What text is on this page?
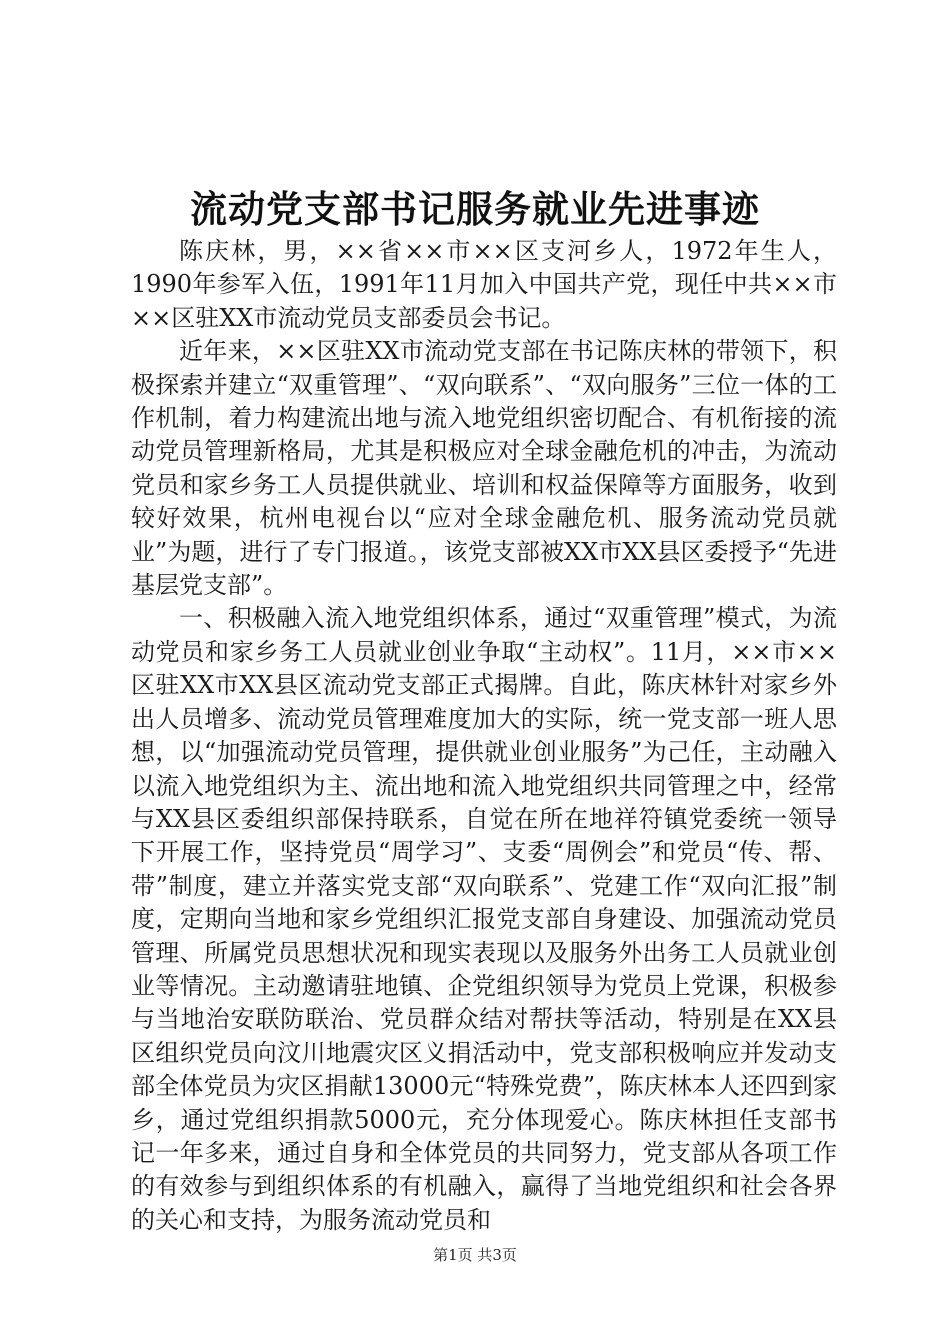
流动党支部书记服务就业先进事迹

陈庆林，男，××省××市××区支河乡人，1972年生人，1990年参军入伍，1991年11月加入中国共产党，现任中共××市××区驻XX市流动党员支部委员会书记。

近年来，××区驻XX市流动党支部在书记陈庆林的带领下，积极探索并建立“双重管理”、“双向联系”、“双向服务”三位一体的工作机制，着力构建流出地与流入地党组织密切配合、有机衔接的流动党员管理新格局，尤其是积极应对全球金融危机的冲击，为流动党员和家乡务工人员提供就业、培训和权益保障等方面服务，收到较好效果，杭州电视台以“应对全球金融危机、服务流动党员就业”为题，进行了专门报道。，该党支部被XX市XX县区委授予“先进基层党支部”。

一、积极融入流入地党组织体系，通过“双重管理”模式，为流动党员和家乡务工人员就业创业争取“主动权”。11月，××市××区驻XX市XX县区流动党支部正式揭牌。自此，陈庆林针对家乡外出人员增多、流动党员管理难度加大的实际，统一党支部一班人思想，以“加强流动党员管理，提供就业创业服务”为己任，主动融入以流入地党组织为主、流出地和流入地党组织共同管理之中，经常与XX县区委组织部保持联系，自觉在所在地祥符镇党委统一领导下开展工作，坚持党员“周学习”、支委“周例会”和党员“传、帮、带”制度，建立并落实党支部“双向联系”、党建工作“双向汇报”制度，定期向当地和家乡党组织汇报党支部自身建设、加强流动党员管理、所属党员思想状况和现实表现以及服务外出务工人员就业创业等情况。主动邀请驻地镇、企党组织领导为党员上党课，积极参与当地治安联防联治、党员群众结对帮扶等活动，特别是在XX县区组织党员向汶川地震灾区义捐活动中，党支部积极响应并发动支部全体党员为灾区捐献13000元“特殊党费”，陈庆林本人还四到家乡，通过党组织捐款5000元，充分体现爱心。陈庆林担任支部书记一年多来，通过自身和全体党员的共同努力，党支部从各项工作的有效参与到组织体系的有机融入，赢得了当地党组织和社会各界的关心和支持，为服务流动党员和

第1页 共3页
